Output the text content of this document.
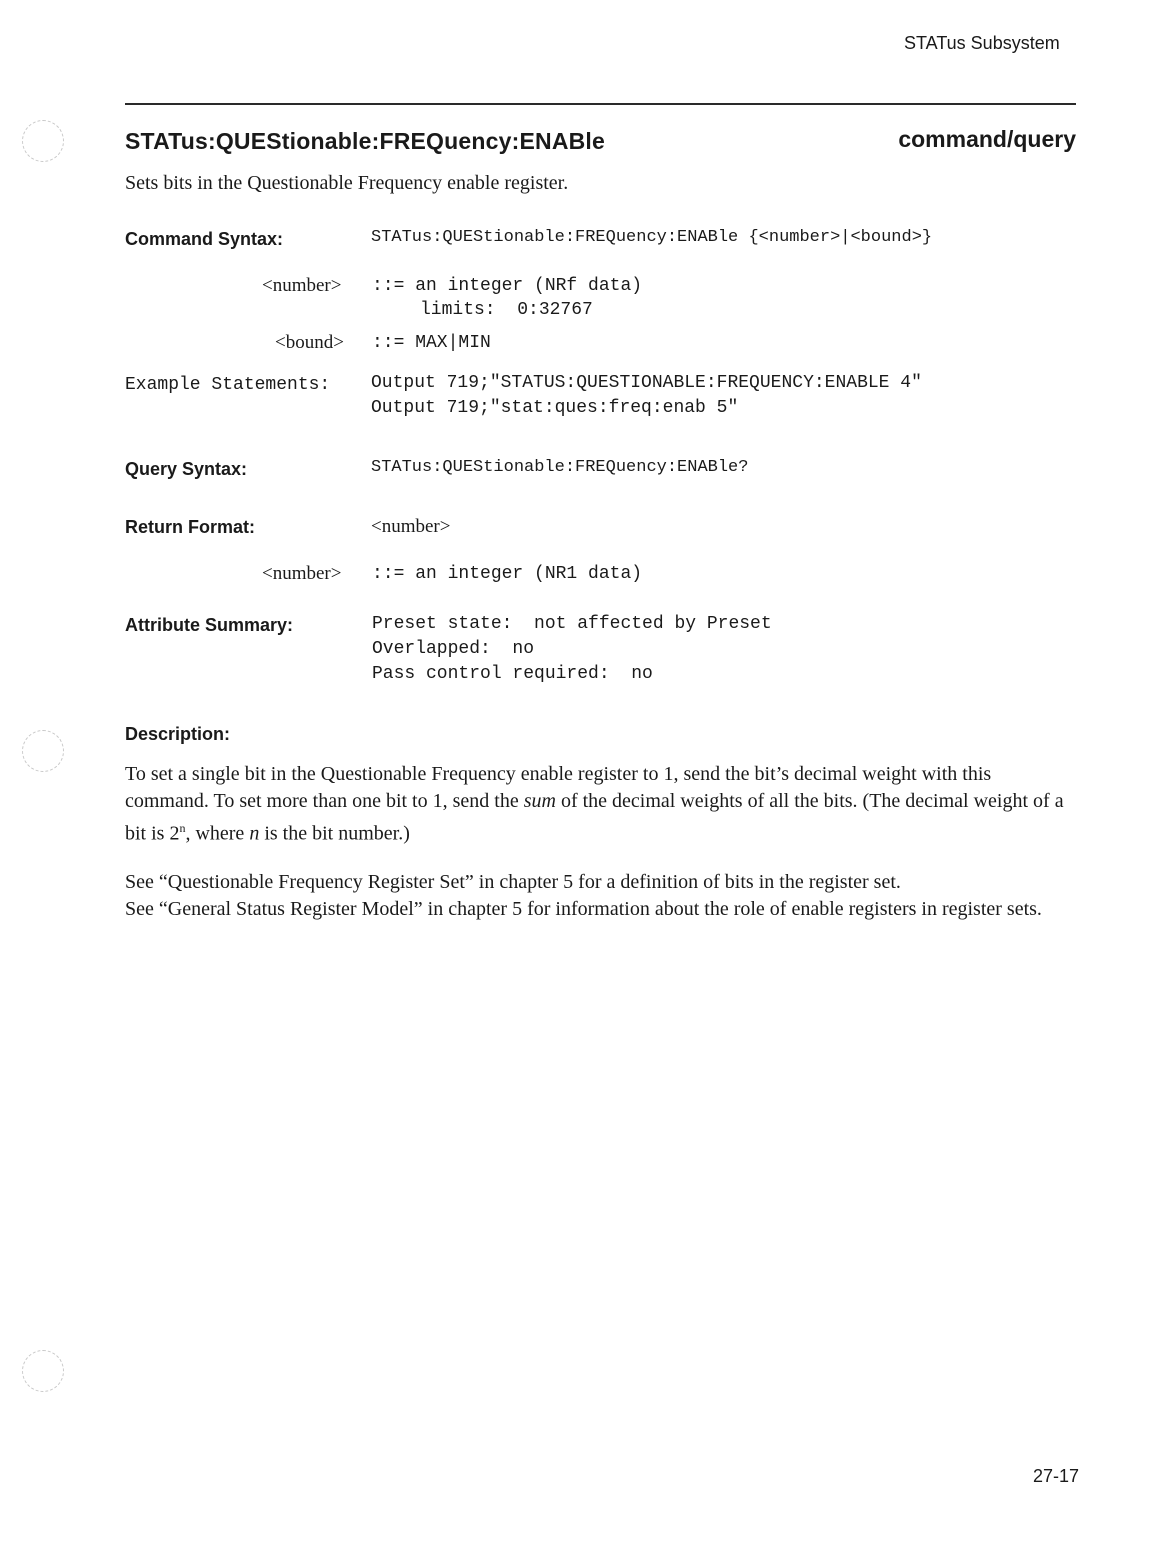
STATus Subsystem
STATus:QUEStionable:FREQuency:ENABle	command/query
Sets bits in the Questionable Frequency enable register.
Command Syntax:	STATus:QUEStionable:FREQuency:ENABle {<number>|<bound>}
<number> ::= an integer (NRf data)
limits:  0:32767
<bound> ::= MAX|MIN
Example Statements: Output 719;"STATUS:QUESTIONABLE:FREQUENCY:ENABLE 4"
Output 719;"stat:ques:freq:enab 5"
Query Syntax:	STATus:QUEStionable:FREQuency:ENABle?
Return Format:	<number>
<number> ::= an integer (NR1 data)
Attribute Summary:	Preset state:  not affected by Preset
Overlapped:  no
Pass control required:  no
Description:
To set a single bit in the Questionable Frequency enable register to 1, send the bit’s decimal weight with this command. To set more than one bit to 1, send the sum of the decimal weights of all the bits. (The decimal weight of a bit is 2$^n$, where n is the bit number.)
See “Questionable Frequency Register Set” in chapter 5 for a definition of bits in the register set.
See “General Status Register Model” in chapter 5 for information about the role of enable registers in register sets.
27-17
